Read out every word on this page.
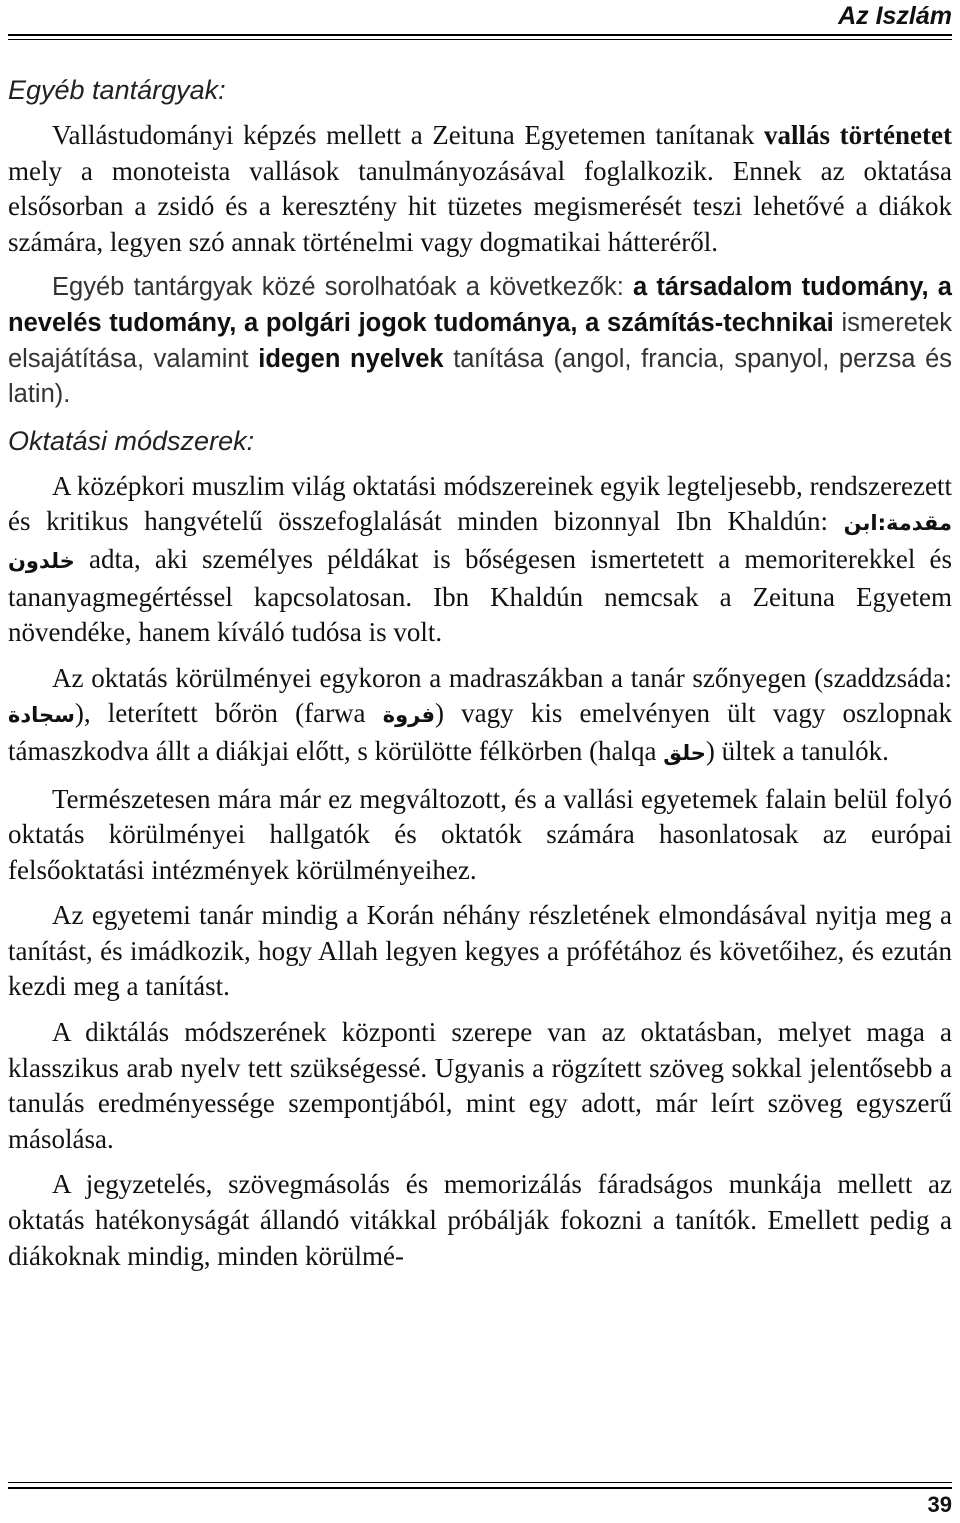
Az Iszlám
Egyéb tantárgyak:

Vallástudományi képzés mellett a Zeituna Egyetemen tanítanak vallás történetet mely a monoteista vallások tanulmányozásával foglalkozik. Ennek az oktatása elsősorban a zsidó és a keresztény hit tüzetes megismerését teszi lehetővé a diákok számára, legyen szó annak történelmi vagy dogmatikai hátteréről.

Egyéb tantárgyak közé sorolhatóak a következők: a társadalom tudomány, a nevelés tudomány, a polgári jogok tudománya, a számítás-technikai ismeretek elsajátítása, valamint idegen nyelvek tanítása (angol, francia, spanyol, perzsa és latin).

Oktatási módszerek:

A középkori muszlim világ oktatási módszereinek egyik legteljesebb, rendszerezett és kritikus hangvételű összefoglalását minden bizonnyal Ibn Khaldún: مقدمة:ابن خلدون adta, aki személyes példákat is bőségesen ismertetett a memoriterekkel és tananyagmegértéssel kapcsolatosan. Ibn Khaldún nemcsak a Zeituna Egyetem növendéke, hanem kíváló tudósa is volt.

Az oktatás körülményei egykoron a madraszákban a tanár szőnyegen (szaddzsáda: سجادة), leterített bőrön (farwa فروة) vagy kis emelvényen ült vagy oszlopnak támaszkodva állt a diákjai előtt, s körülötte félkörben (halqa حلق) ültek a tanulók.

Természetesen mára már ez megváltozott, és a vallási egyetemek falain belül folyó oktatás körülményei hallgatók és oktatók számára hasonlatosak az európai felsőoktatási intézmények körülményeihez.

Az egyetemi tanár mindig a Korán néhány részletének elmondásával nyitja meg a tanítást, és imádkozik, hogy Allah legyen kegyes a prófétához és követőihez, és ezután kezdi meg a tanítást.

A diktálás módszerének központi szerepe van az oktatásban, melyet maga a klasszikus arab nyelv tett szükségessé. Ugyanis a rögzített szöveg sokkal jelentősebb a tanulás eredményessége szempontjából, mint egy adott, már leírt szöveg egyszerű másolása.

A jegyzetelés, szövegmásolás és memorizálás fáradságos munkája mellett az oktatás hatékonyságát állandó vitákkal próbálják fokozni a tanítók. Emellett pedig a diákoknak mindig, minden körülmé-

39
